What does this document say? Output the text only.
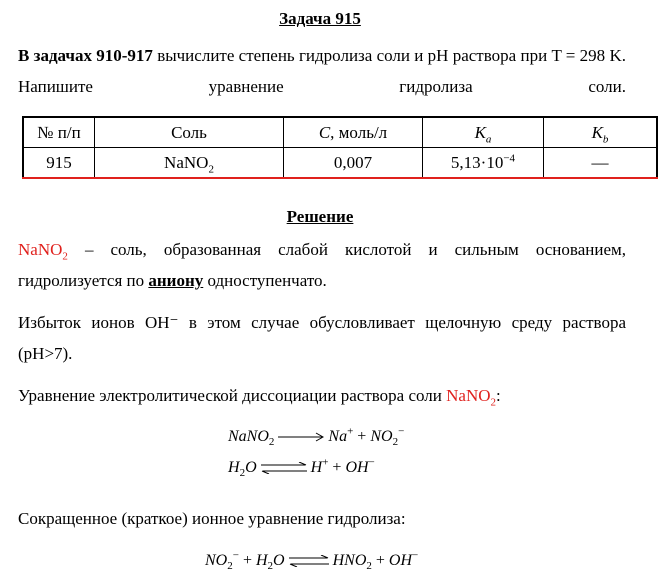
Задача 915
В задачах 910-917 вычислите степень гидролиза соли и pH раствора при T = 298 K. Напишите уравнение гидролиза соли.
№ п/п	Соль	C, моль/л	$K_a$	$K_b$
915	NaNO$_2$	0,007	$5,13\cdot 10^{-4}$	—
Решение
NaNO$_2$ – соль, образованная слабой кислотой и сильным основанием,
гидролизуется по аниону одноступенчато.
Избыток ионов OH⁻ в этом случае обусловливает щелочную среду раствора
(pH>7).
Уравнение электролитической диссоциации раствора соли NaNO$_2$:
NaNO$_2$	$Na^+ + NO_2^-$
$H_2O$ ⇌ H+ + OH−
Сокращенное (краткое) ионное уравнение гидролиза:
$NO_2^- + H_2O$ ⇌ $HNO_2 + OH^-$
